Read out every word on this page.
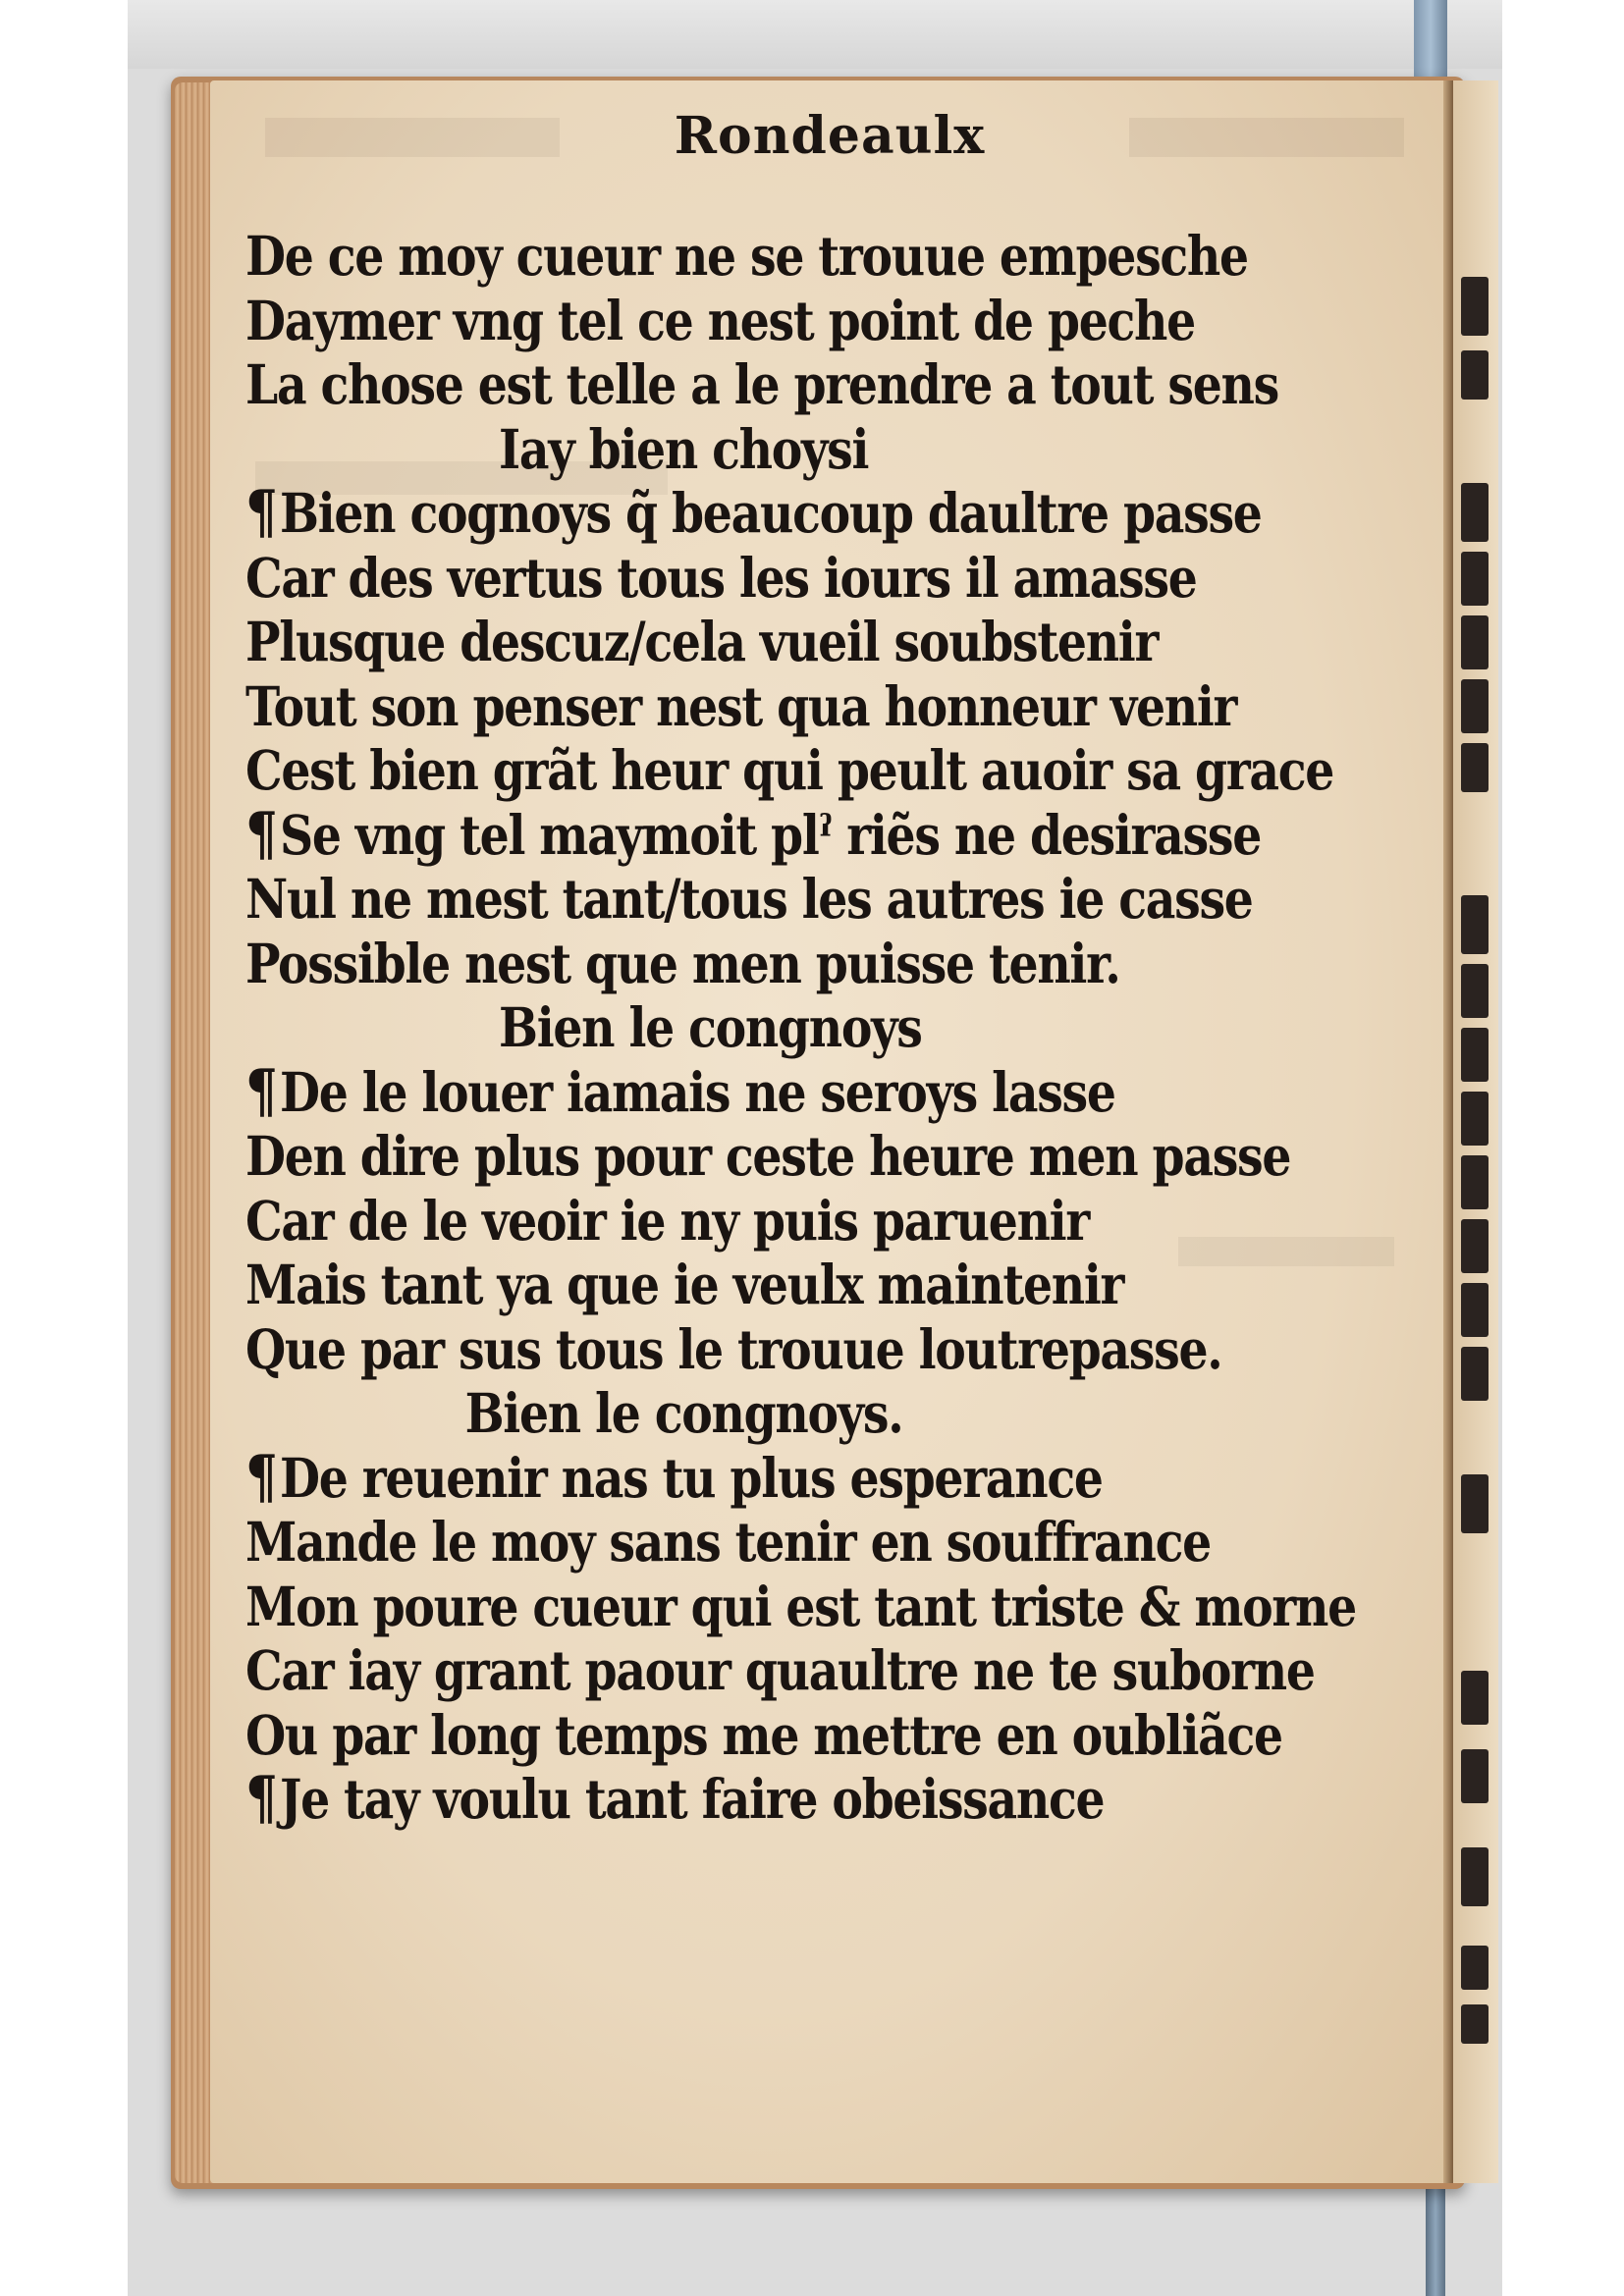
Rondeaulx
De ce moy cueur ne se trouue empesche
Daymer vng tel ce nest point de peche
La chose est telle a le prendre a tout sens
Iay bien choysi
¶Bien cognoys q̃ beaucoup daultre passe
Car des vertus tous les iours il amasse
Plusque descuz/cela vueil soubstenir
Tout son penser nest qua honneur venir
Cest bien grãt heur qui peult auoir sa grace
¶Se vng tel maymoit plˀ riẽs ne desirasse
Nul ne mest tant/tous les autres ie casse
Possible nest que men puisse tenir.
Bien le congnoys
¶De le louer iamais ne seroys lasse
Den dire plus pour ceste heure men passe
Car de le veoir ie ny puis paruenir
Mais tant ya que ie veulx maintenir
Que par sus tous le trouue loutrepasse.
Bien le congnoys.
¶De reuenir nas tu plus esperance
Mande le moy sans tenir en souffrance
Mon poure cueur qui est tant triste & morne
Car iay grant paour quaultre ne te suborne
Ou par long temps me mettre en oubliãce
¶Je tay voulu tant faire obeissance
